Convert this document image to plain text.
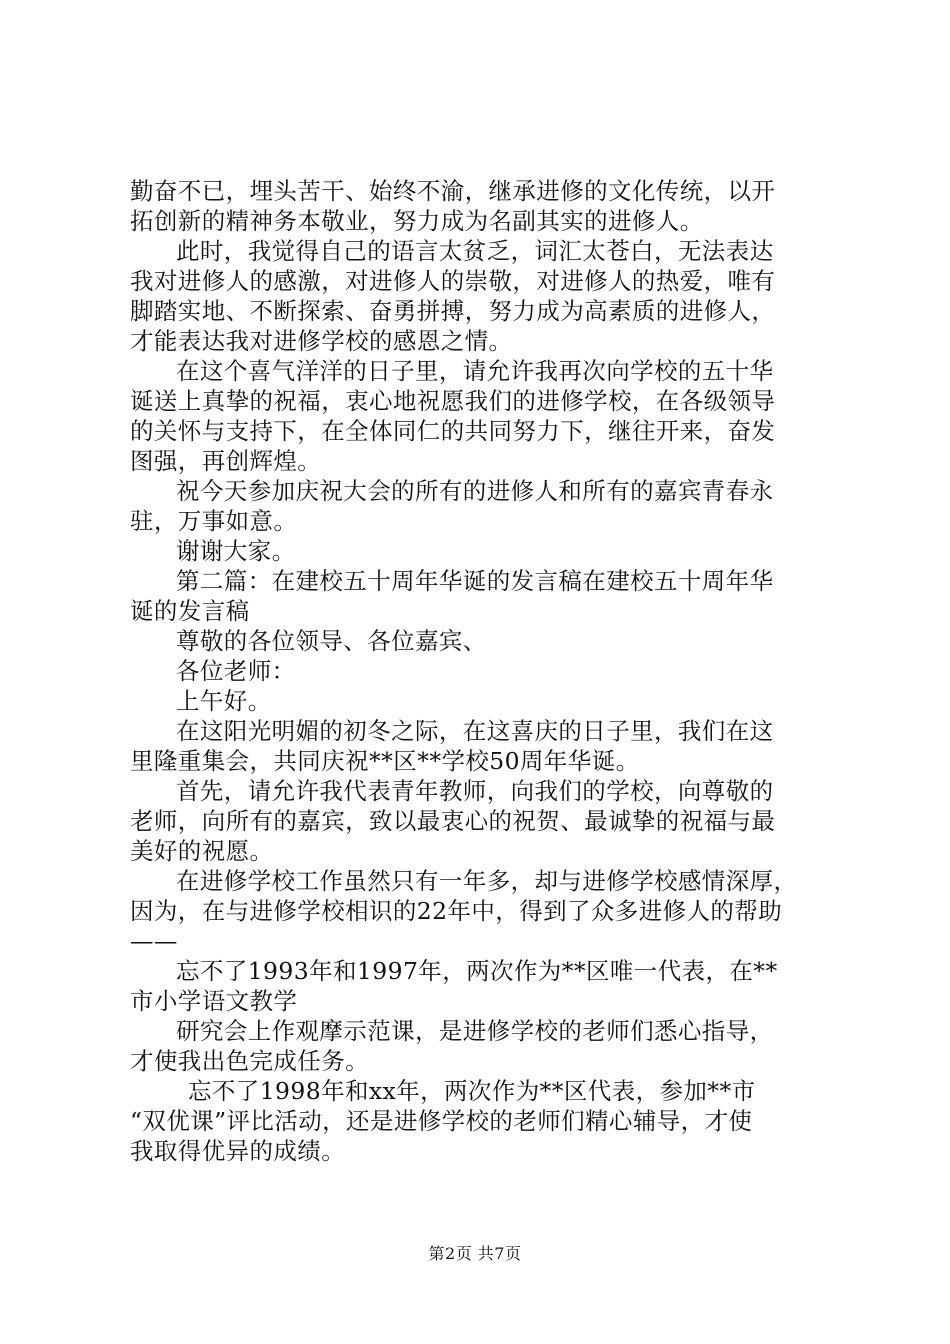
勤奋不已，埋头苦干、始终不渝，继承进修的文化传统，以开
拓创新的精神务本敬业，努力成为名副其实的进修人。
此时，我觉得自己的语言太贫乏，词汇太苍白，无法表达
我对进修人的感激，对进修人的崇敬，对进修人的热爱，唯有
脚踏实地、不断探索、奋勇拼搏，努力成为高素质的进修人，
才能表达我对进修学校的感恩之情。
在这个喜气洋洋的日子里，请允许我再次向学校的五十华
诞送上真挚的祝福，衷心地祝愿我们的进修学校，在各级领导
的关怀与支持下，在全体同仁的共同努力下，继往开来，奋发
图强，再创辉煌。
祝今天参加庆祝大会的所有的进修人和所有的嘉宾青春永
驻，万事如意。
谢谢大家。
第二篇：在建校五十周年华诞的发言稿在建校五十周年华
诞的发言稿
尊敬的各位领导、各位嘉宾、
各位老师：
上午好。
在这阳光明媚的初冬之际，在这喜庆的日子里，我们在这
里隆重集会，共同庆祝**区**学校50周年华诞。
首先，请允许我代表青年教师，向我们的学校，向尊敬的
老师，向所有的嘉宾，致以最衷心的祝贺、最诚挚的祝福与最
美好的祝愿。
在进修学校工作虽然只有一年多，却与进修学校感情深厚，
因为，在与进修学校相识的22年中，得到了众多进修人的帮助
——
忘不了1993年和1997年，两次作为**区唯一代表，在**
市小学语文教学
研究会上作观摩示范课，是进修学校的老师们悉心指导，
才使我出色完成任务。
忘不了1998年和xx年，两次作为**区代表，参加**市
“双优课”评比活动，还是进修学校的老师们精心辅导，才使
我取得优异的成绩。
第2页 共7页
